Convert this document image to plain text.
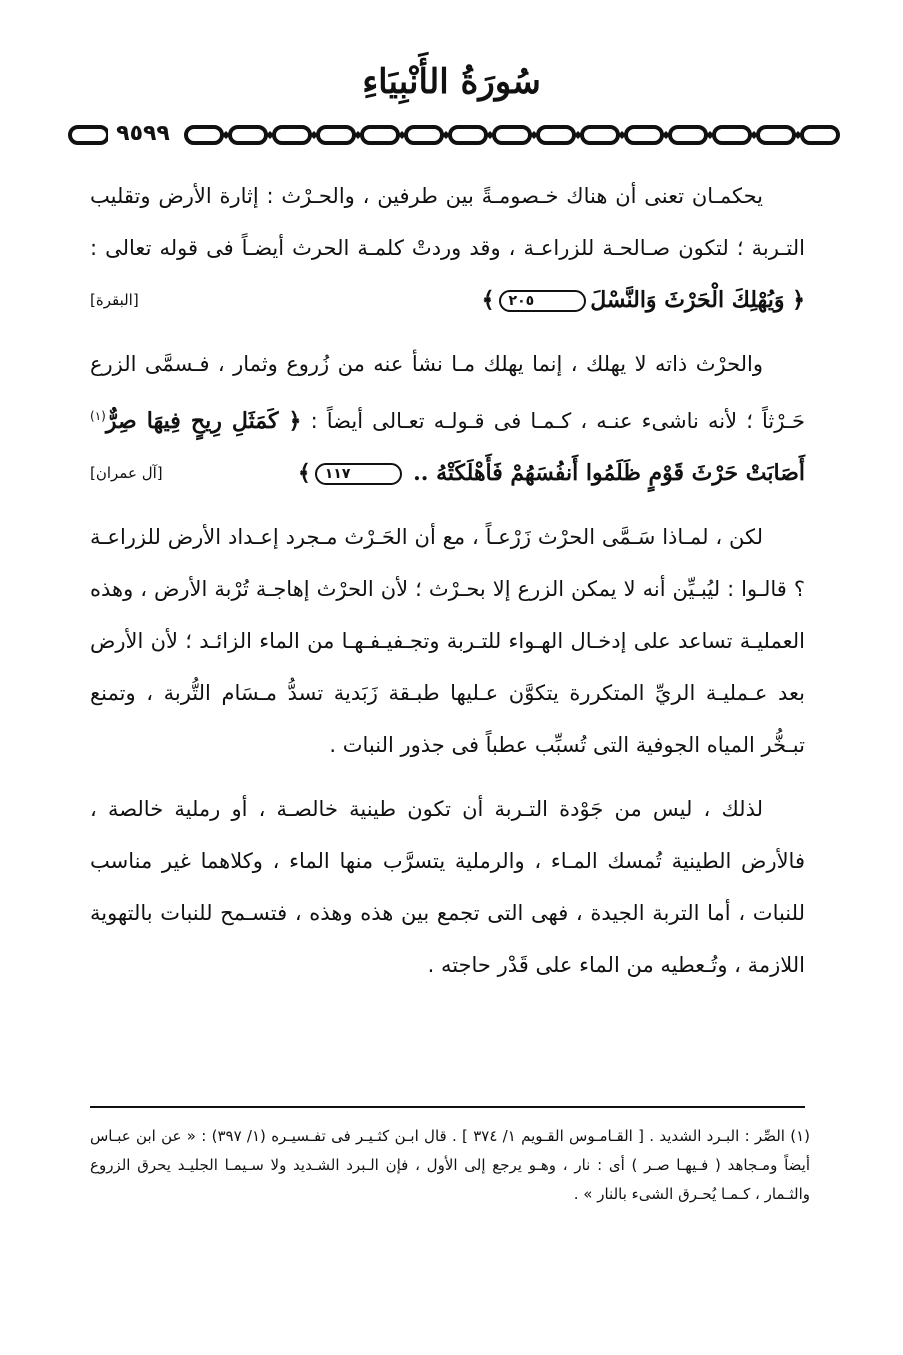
سُورَةُ الأَنْبِيَاءِ
٩٥٩٩

يحكمـان تعنى أن هناك خـصومـةً بين طرفين ، والحـرْث : إثارة الأرض وتقليب التـربة ؛ لتكون صـالحـة للزراعـة ، وقد وردتْ كلمـة الحرث أيضـاً فى قوله تعالى : ﴿ وَيُهْلِكَ الْحَرْثَ وَالنَّسْلَ٢٠٥﴾
[البقرة]

والحرْث ذاته لا يهلك ، إنما يهلك مـا نشأ عنه من زُروع وثمار ، فـسمَّى الزرع حَـرْثاً ؛ لأنه ناشىء عنـه ، كـمـا فى قـولـه تعـالى أيضاً : ﴿ كَمَثَلِ رِيحٍ فِيهَا صِرٌّ$^{(١)}$ أَصَابَتْ حَرْثَ قَوْمٍ ظَلَمُوا أَنفُسَهُمْ فَأَهْلَكَتْهُ .. ١١٧﴾
[آل عمران]

لكن ، لمـاذا سَـمَّى الحرْث زَرْعـاً ، مع أن الحَـرْث مـجرد إعـداد الأرض للزراعـة ؟ قالـوا : ليُبـيِّن أنه لا يمكن الزرع إلا بحـرْث ؛ لأن الحرْث إهاجـة تُرْبة الأرض ، وهذه العمليـة تساعد على إدخـال الهـواء للتـربة وتجـفيـفـهـا من الماء الزائـد ؛ لأن الأرض بعد عـمليـة الريِّ المتكررة يتكوَّن عـليها طبـقة زَبَدية تسدُّ مـسَام التُّربة ، وتمنع تبـخُّر المياه الجوفية التى تُسبِّب عطباً فى جذور النبات .

لذلك ، ليس من جَوْدة التـربة أن تكون طينية خالصـة ، أو رملية خالصة ، فالأرض الطينية تُمسك المـاء ، والرملية يتسرَّب منها الماء ، وكلاهما غير مناسب للنبات ، أما التربة الجيدة ، فهى التى تجمع بين هذه وهذه ، فتسـمح للنبات بالتهوية اللازمة ، وتُـعطيه من الماء على قَدْر حاجته .

(١) الصِّر : البـرد الشديد . [ القـامـوس القـويم ١/ ٣٧٤ ] . قال ابـن كثـيـر فى تفـسيـره (١/ ٣٩٧) : « عن ابن عبـاس أيضاً ومـجاهد ( فـيهـا صـر ) أى : نار ، وهـو يرجع إلى الأول ، فإن الـبرد الشـديد ولا سـيمـا الجليـد يحرق الزروع والثـمار ، كـمـا يُحـرق الشىء بالنار » .
